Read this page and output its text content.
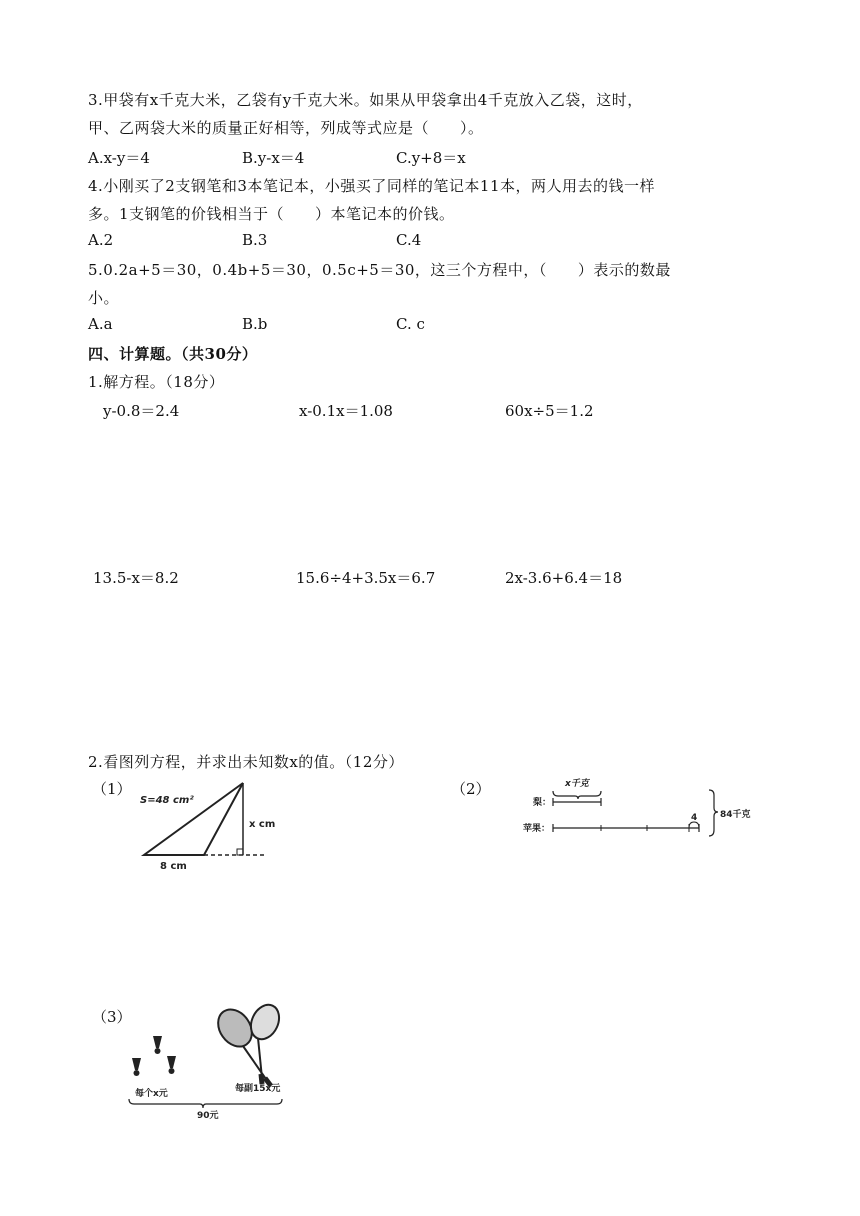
3.甲袋有x千克大米，乙袋有y千克大米。如果从甲袋拿出4千克放入乙袋，这时，
甲、乙两袋大米的质量正好相等，列成等式应是（　　）。
A.x-y＝4	B.y-x＝4	C.y+8＝x
4.小刚买了2支钢笔和3本笔记本，小强买了同样的笔记本11本，两人用去的钱一样
多。1支钢笔的价钱相当于（　　）本笔记本的价钱。
A.2	B.3	C.4
5.0.2a+5＝30，0.4b+5＝30，0.5c+5＝30，这三个方程中，（　　）表示的数最
小。
A.a	B.b	C. c
四、计算题。（共30分）
1.解方程。（18分）
y-0.8＝2.4	x-0.1x＝1.08	60x÷5＝1.2
13.5-x＝8.2	15.6÷4+3.5x＝6.7	2x-3.6+6.4＝18
2.看图列方程，并求出未知数x的值。（12分）
（1）
S=48 cm²
x cm
8 cm
（2）	x千克
梨：
苹果：
4	84千克
（3）
每个x元	每副15x元
90元
